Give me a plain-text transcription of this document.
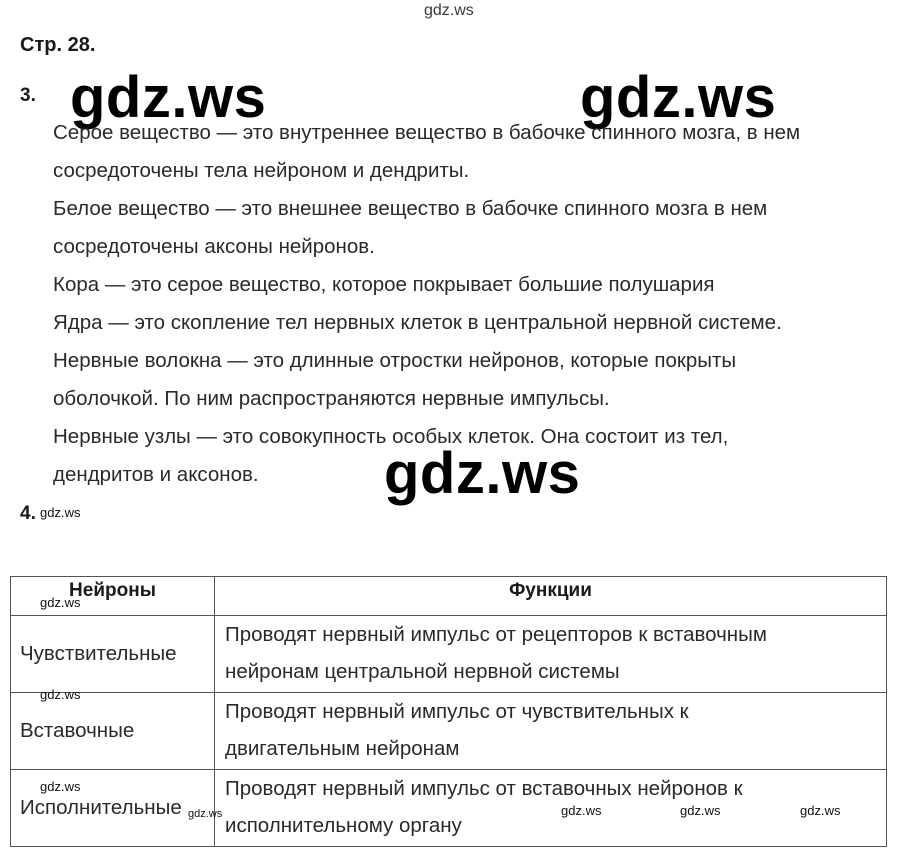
gdz.ws
Стр. 28.
3. gdz.ws	gdz.ws
Серое вещество — это внутреннее вещество в бабочке спинного мозга, в нем
сосредоточены тела нейроном и дендриты.
Белое вещество — это внешнее вещество в бабочке спинного мозга в нем
сосредоточены аксоны нейронов.
Кора — это серое вещество, которое покрывает большие полушария
Ядра — это скопление тел нервных клеток в центральной нервной системе.
Нервные волокна — это длинные отростки нейронов, которые покрыты
оболочкой. По ним распространяются нервные импульсы.
Нервные узлы — это совокупность особых клеток. Она состоит из тел,
дендритов и аксонов.	gdz.ws
4. gdz.ws
Нейроны	Функции

Чувствительные	Проводят нервный импульс от рецепторов к вставочным
нейронам центральной нервной системы

Вставочные	Проводят нервный импульс от чувствительных к
двигательным нейронам

Исполнительные	Проводят нервный импульс от вставочных нейронов к
исполнительному органу
gdz.ws
gdz.ws
gdz.ws
gdz.ws	gdz.ws	gdz.ws	gdz.ws
